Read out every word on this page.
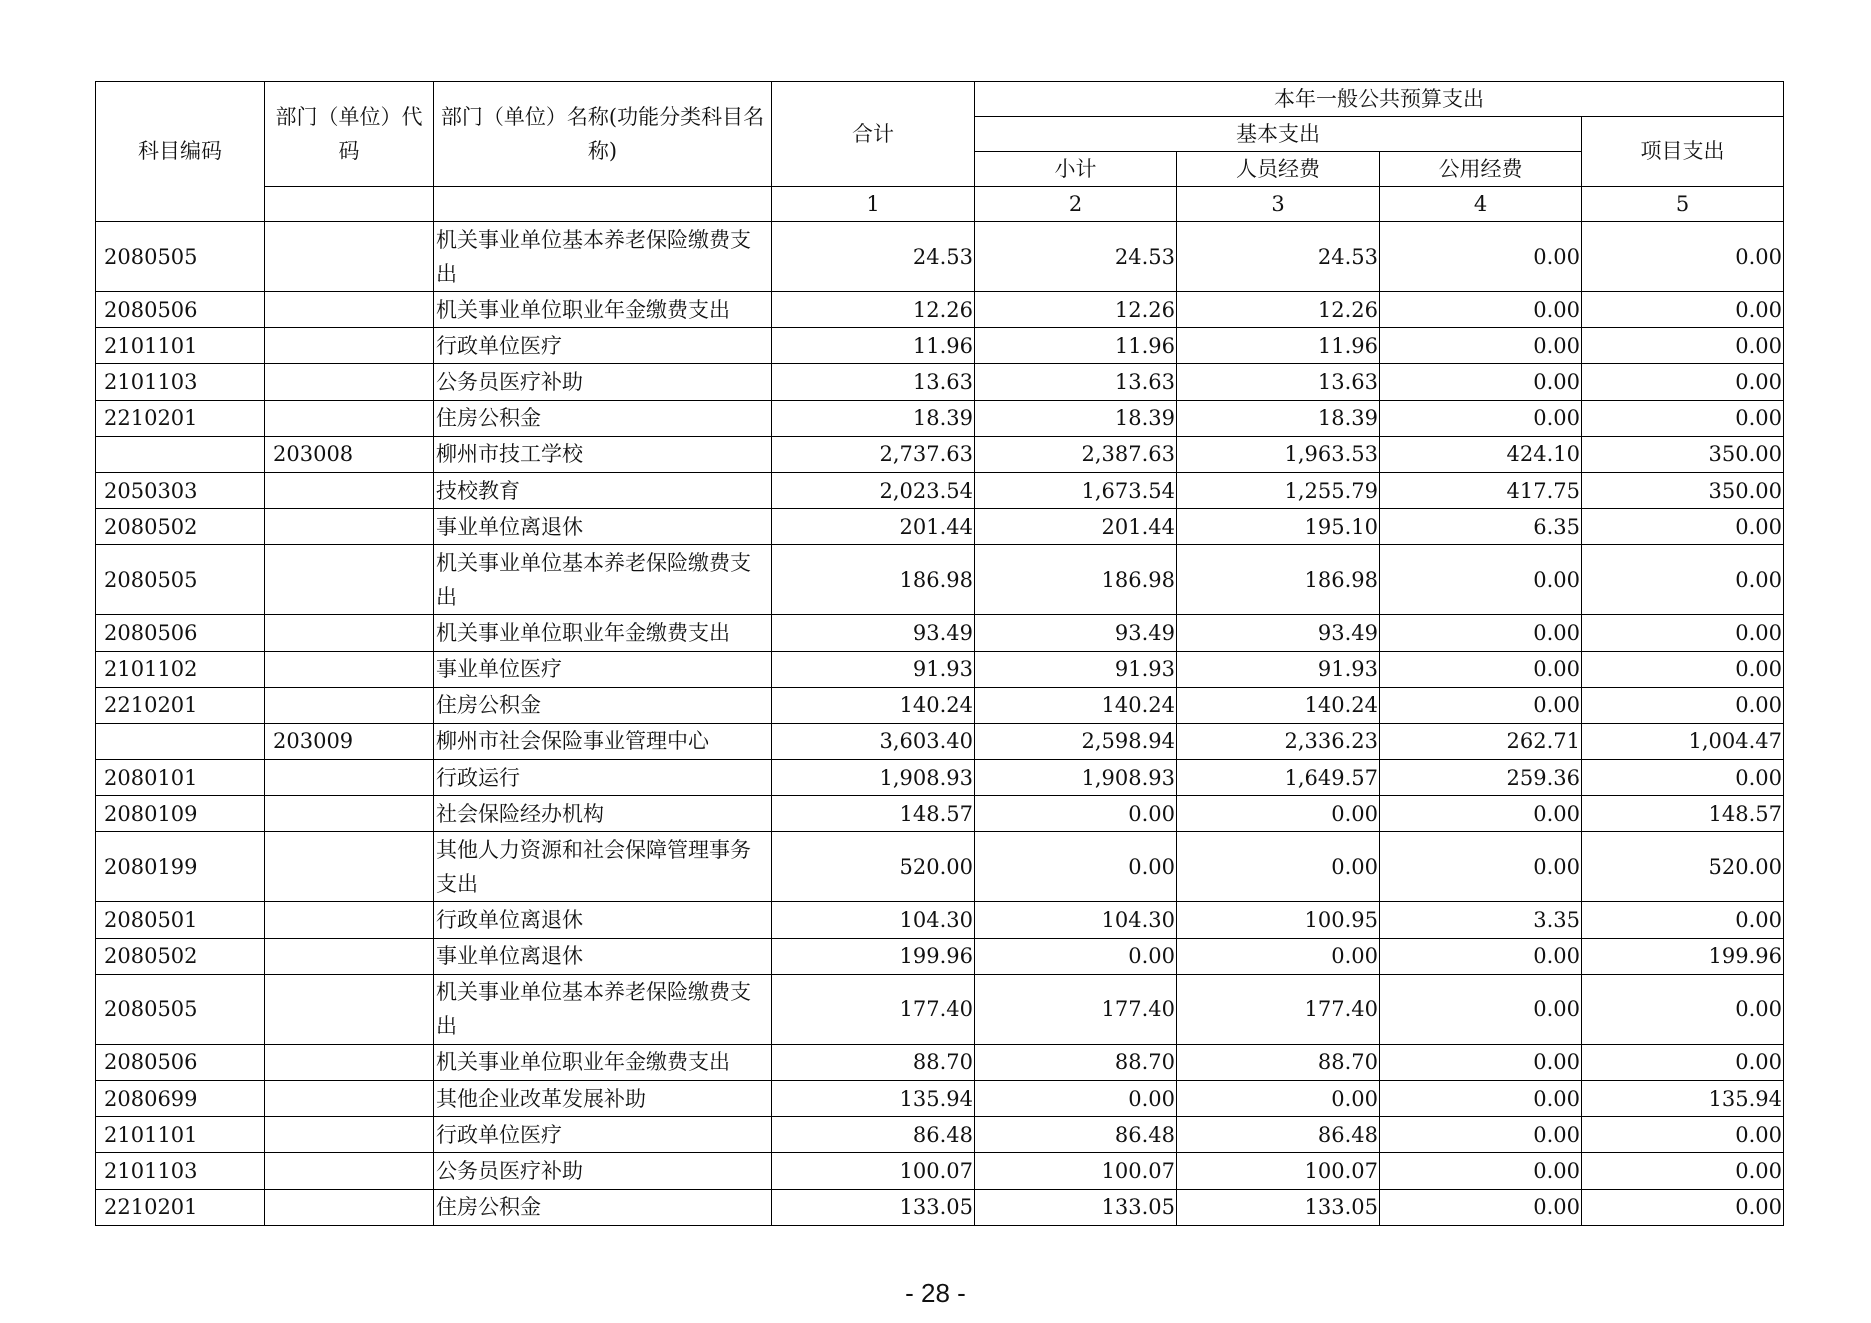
科目编码	部门（单位）代码	部门（单位）名称(功能分类科目名称)	合计	本年一般公共预算支出			
				基本支出			项目支出
				小计	人员经费	公用经费	
			1	2	3	4	5
2080505		机关事业单位基本养老保险缴费支出	24.53	24.53	24.53	0.00	0.00
2080506		机关事业单位职业年金缴费支出	12.26	12.26	12.26	0.00	0.00
2101101		行政单位医疗	11.96	11.96	11.96	0.00	0.00
2101103		公务员医疗补助	13.63	13.63	13.63	0.00	0.00
2210201		住房公积金	18.39	18.39	18.39	0.00	0.00
	203008	柳州市技工学校	2,737.63	2,387.63	1,963.53	424.10	350.00
2050303		技校教育	2,023.54	1,673.54	1,255.79	417.75	350.00
2080502		事业单位离退休	201.44	201.44	195.10	6.35	0.00
2080505		机关事业单位基本养老保险缴费支出	186.98	186.98	186.98	0.00	0.00
2080506		机关事业单位职业年金缴费支出	93.49	93.49	93.49	0.00	0.00
2101102		事业单位医疗	91.93	91.93	91.93	0.00	0.00
2210201		住房公积金	140.24	140.24	140.24	0.00	0.00
	203009	柳州市社会保险事业管理中心	3,603.40	2,598.94	2,336.23	262.71	1,004.47
2080101		行政运行	1,908.93	1,908.93	1,649.57	259.36	0.00
2080109		社会保险经办机构	148.57	0.00	0.00	0.00	148.57
2080199		其他人力资源和社会保障管理事务支出	520.00	0.00	0.00	0.00	520.00
2080501		行政单位离退休	104.30	104.30	100.95	3.35	0.00
2080502		事业单位离退休	199.96	0.00	0.00	0.00	199.96
2080505		机关事业单位基本养老保险缴费支出	177.40	177.40	177.40	0.00	0.00
2080506		机关事业单位职业年金缴费支出	88.70	88.70	88.70	0.00	0.00
2080699		其他企业改革发展补助	135.94	0.00	0.00	0.00	135.94
2101101		行政单位医疗	86.48	86.48	86.48	0.00	0.00
2101103		公务员医疗补助	100.07	100.07	100.07	0.00	0.00
2210201		住房公积金	133.05	133.05	133.05	0.00	0.00
- 28 -
